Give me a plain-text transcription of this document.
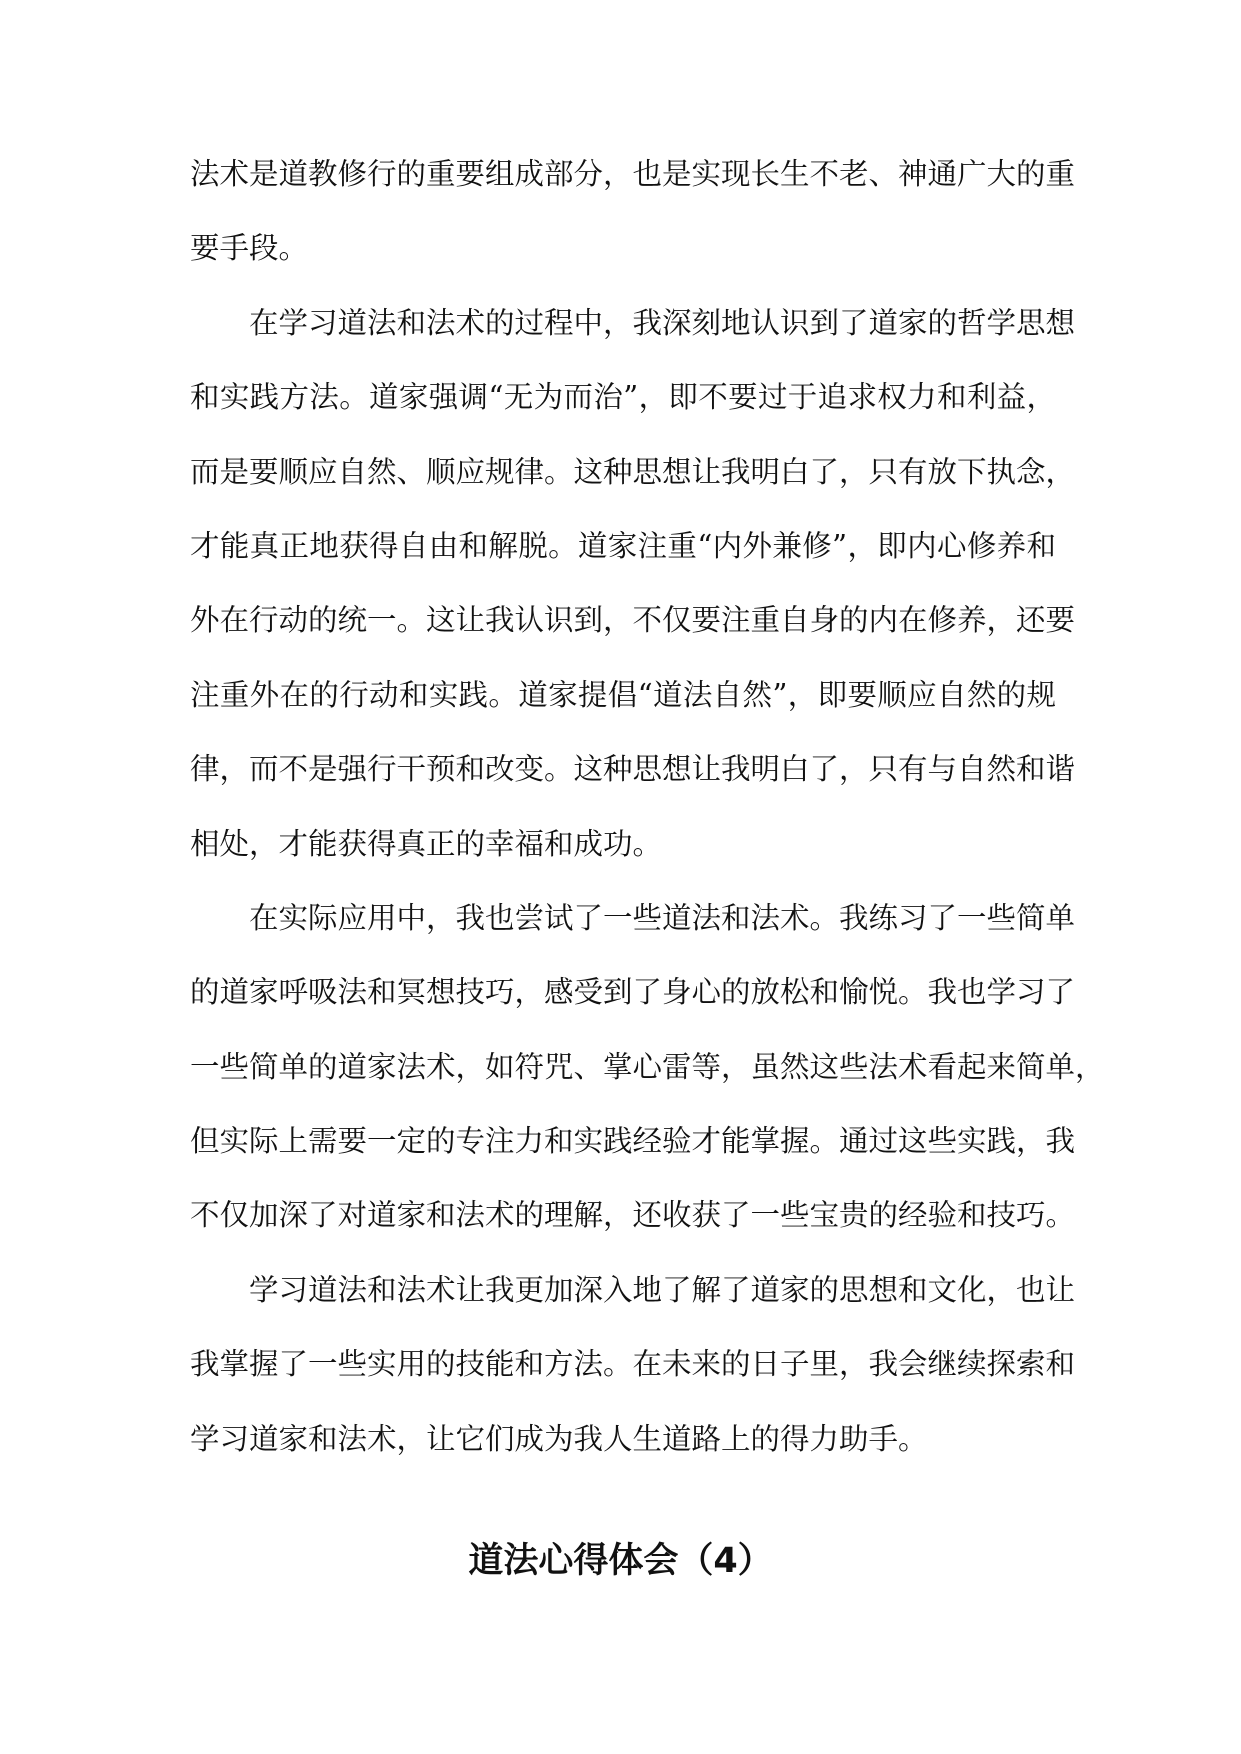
法术是道教修行的重要组成部分，也是实现长生不老、神通广大的重
要手段。
在学习道法和法术的过程中，我深刻地认识到了道家的哲学思想
和实践方法。道家强调“无为而治”，即不要过于追求权力和利益，
而是要顺应自然、顺应规律。这种思想让我明白了，只有放下执念，
才能真正地获得自由和解脱。道家注重“内外兼修”，即内心修养和
外在行动的统一。这让我认识到，不仅要注重自身的内在修养，还要
注重外在的行动和实践。道家提倡“道法自然”，即要顺应自然的规
律，而不是强行干预和改变。这种思想让我明白了，只有与自然和谐
相处，才能获得真正的幸福和成功。
在实际应用中，我也尝试了一些道法和法术。我练习了一些简单
的道家呼吸法和冥想技巧，感受到了身心的放松和愉悦。我也学习了
一些简单的道家法术，如符咒、掌心雷等，虽然这些法术看起来简单，
但实际上需要一定的专注力和实践经验才能掌握。通过这些实践，我
不仅加深了对道家和法术的理解，还收获了一些宝贵的经验和技巧。
学习道法和法术让我更加深入地了解了道家的思想和文化，也让
我掌握了一些实用的技能和方法。在未来的日子里，我会继续探索和
学习道家和法术，让它们成为我人生道路上的得力助手。
道法心得体会（4）
